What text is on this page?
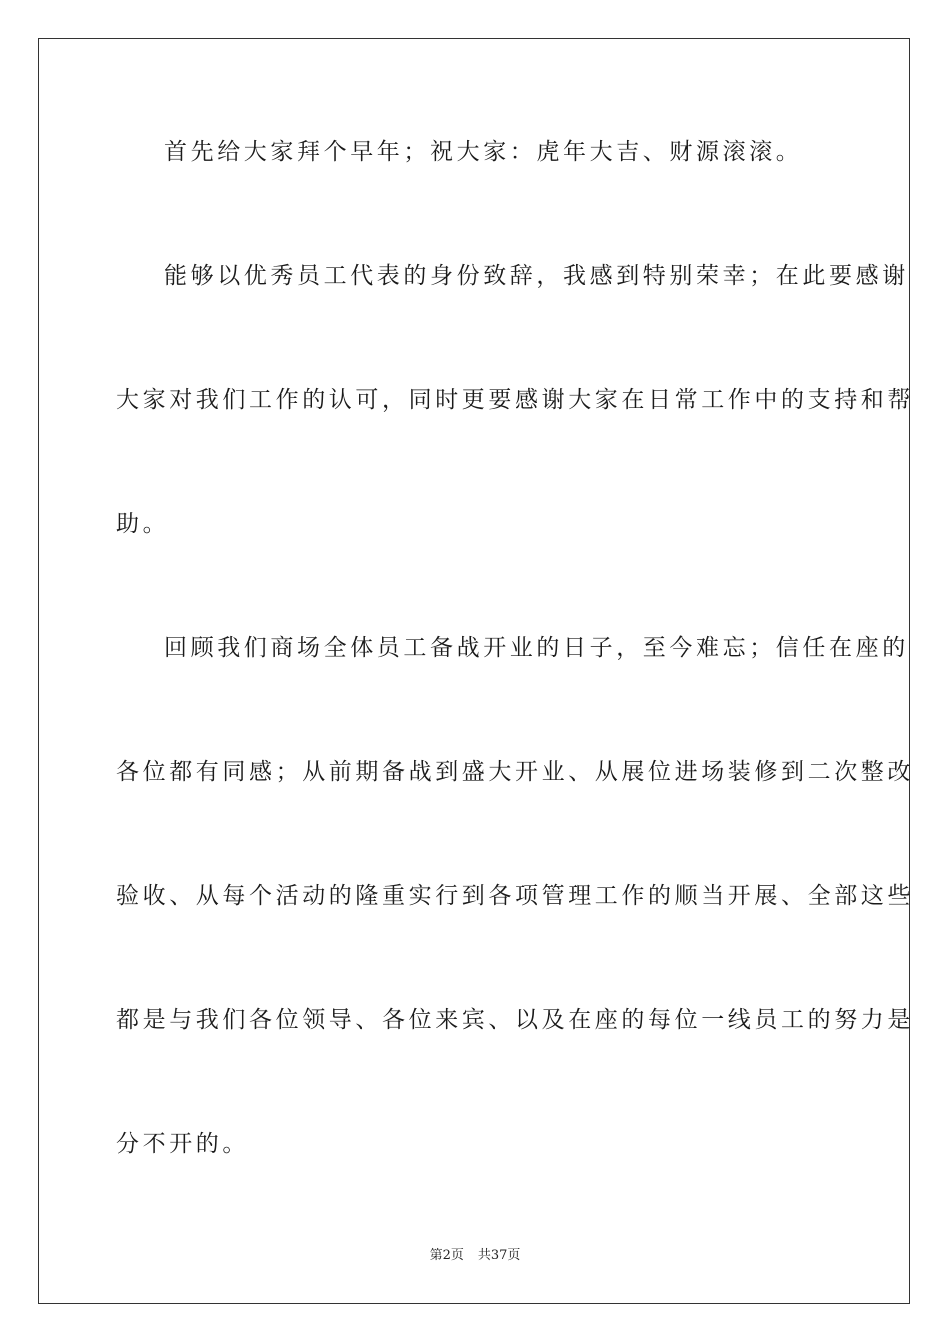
首先给大家拜个早年；祝大家：虎年大吉、财源滚滚。
能够以优秀员工代表的身份致辞，我感到特别荣幸；在此要感谢
大家对我们工作的认可，同时更要感谢大家在日常工作中的支持和帮
助。
回顾我们商场全体员工备战开业的日子，至今难忘；信任在座的
各位都有同感；从前期备战到盛大开业、从展位进场装修到二次整改
验收、从每个活动的隆重实行到各项管理工作的顺当开展、全部这些
都是与我们各位领导、各位来宾、以及在座的每位一线员工的努力是
分不开的。
第2页 共37页
